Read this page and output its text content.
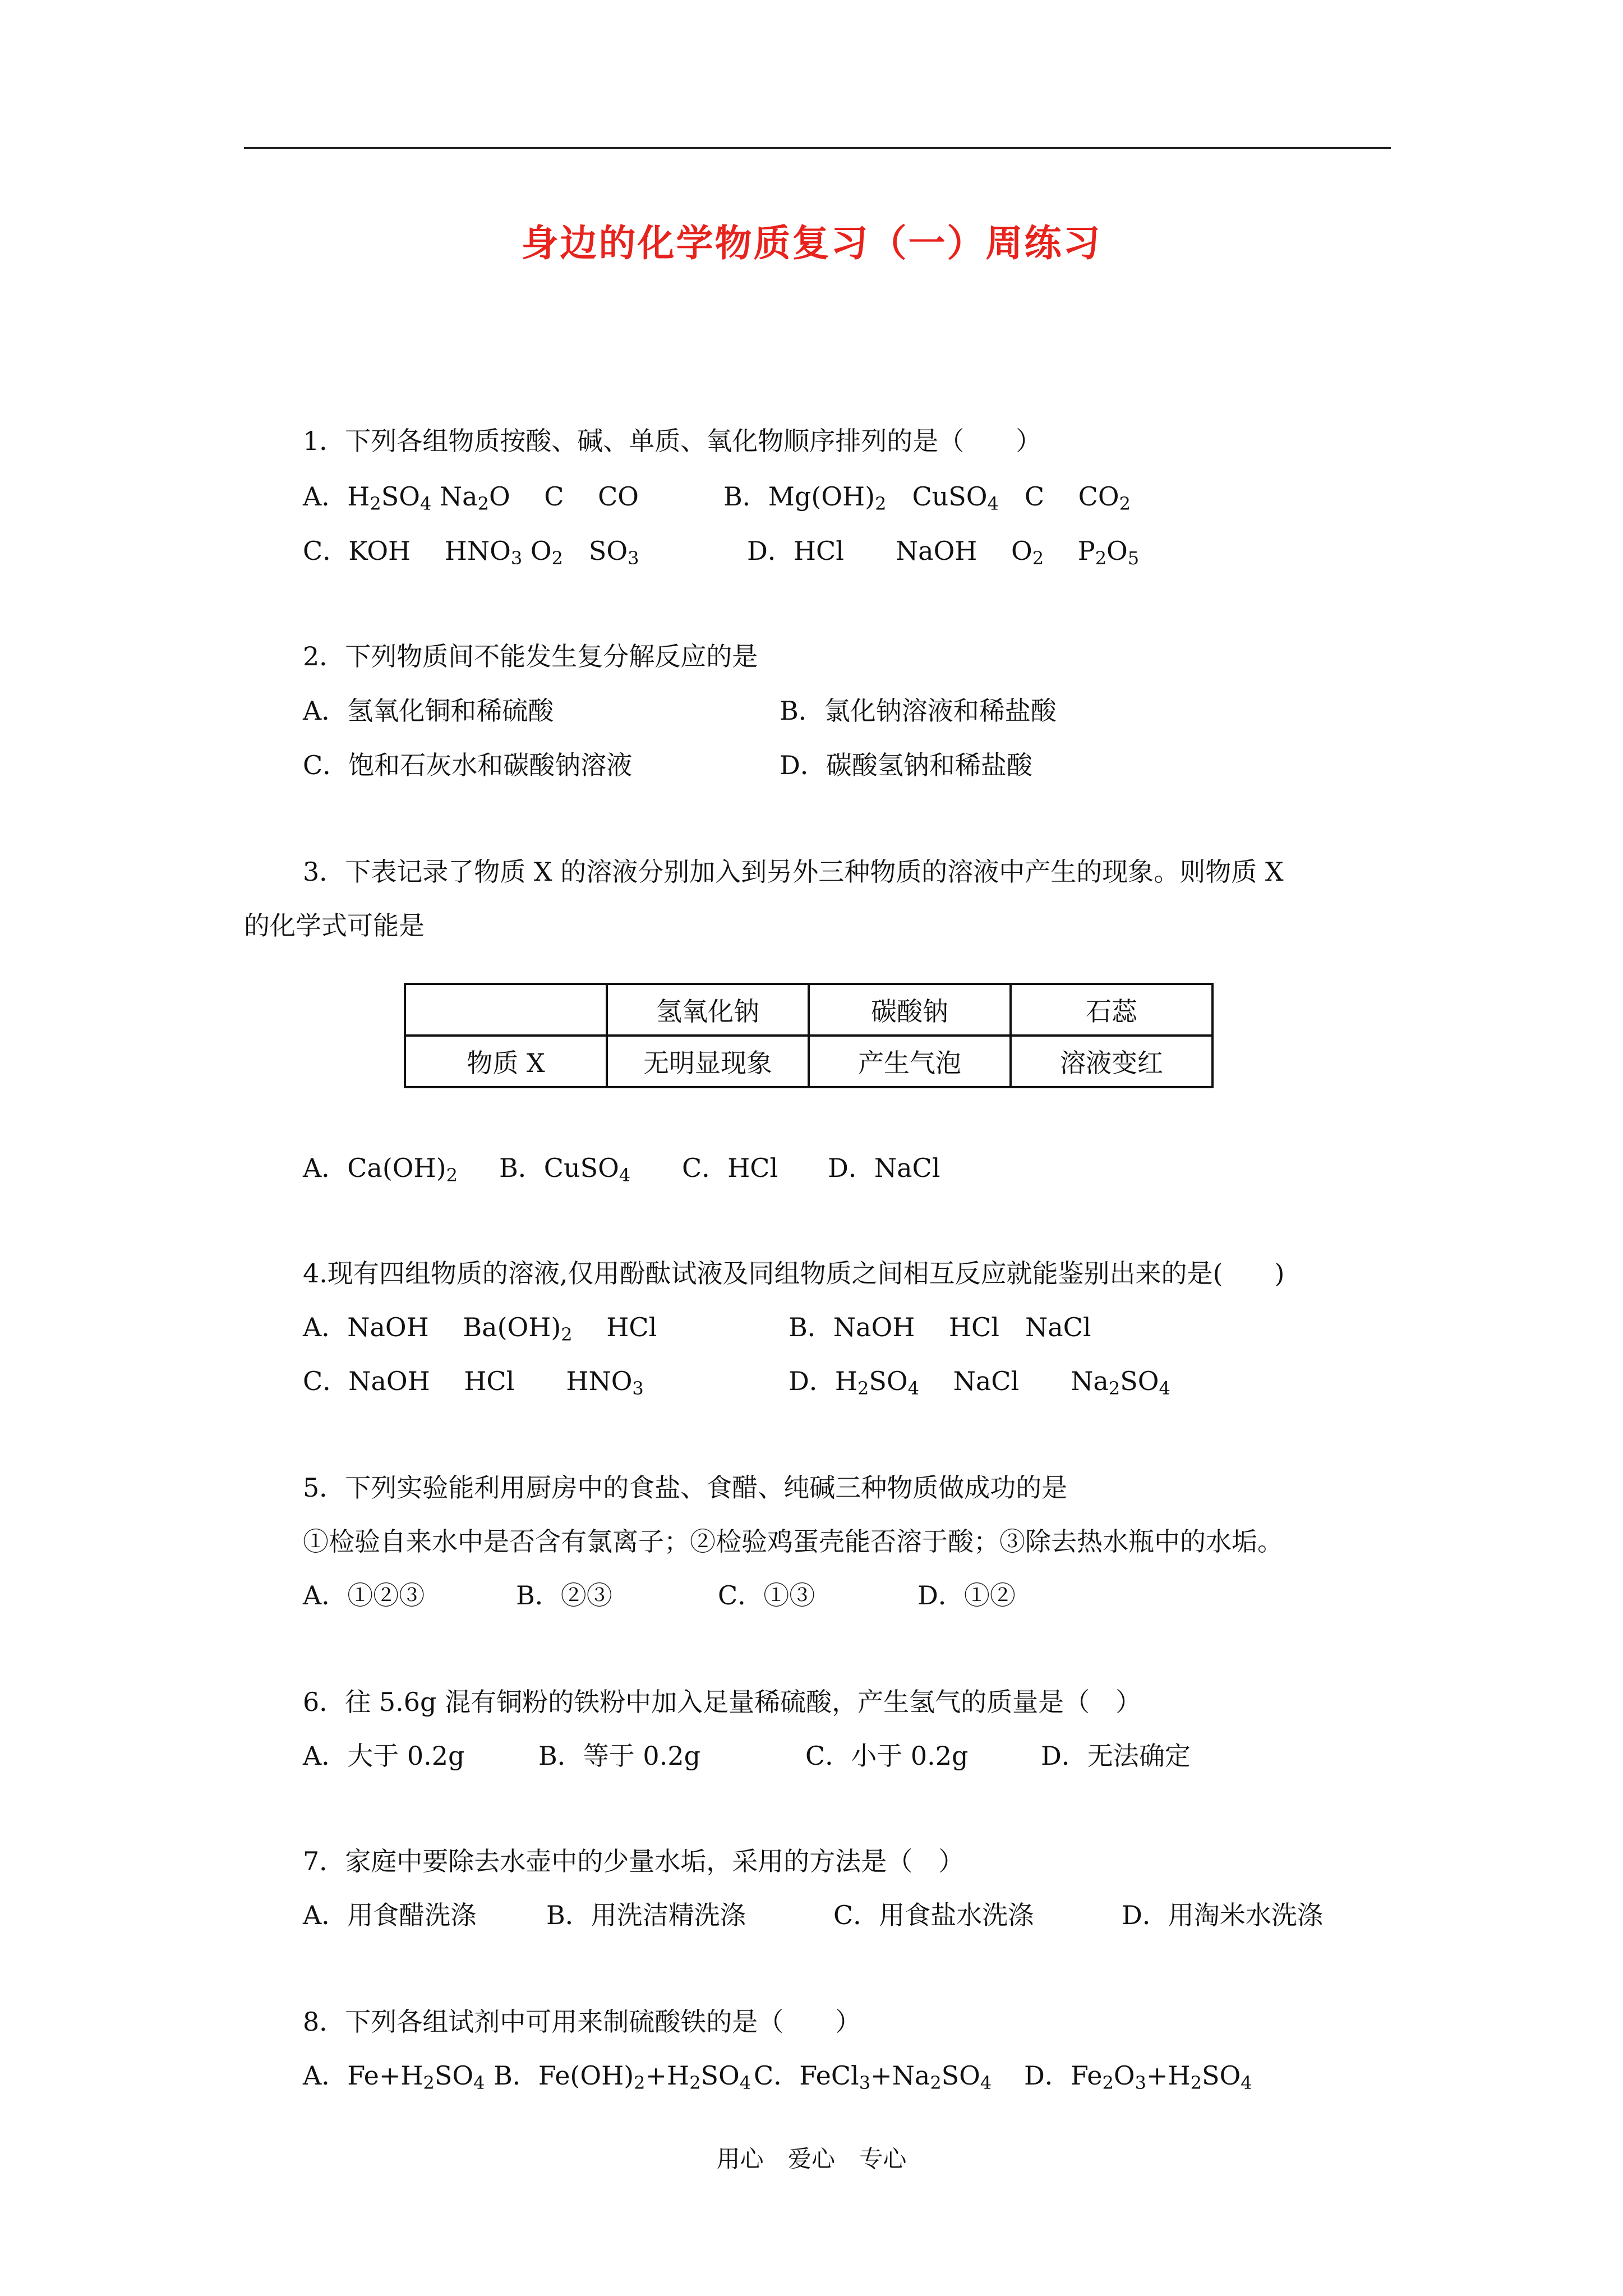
身边的化学物质复习（一）周练习
1．下列各组物质按酸、碱、单质、氧化物顺序排列的是（　　）
A．$H_2SO_4$ $Na_2O$　 C　 CO	B．$Mg(OH)_2$　CuSO$_4$　C　 $CO_2$
C．KOH　 $HNO_3$ $O_2$　$SO_3$	D．HCl　　NaOH　 $O_2$　 $P_2O_5$
2．下列物质间不能发生复分解反应的是
A．氢氧化铜和稀硫酸	B．氯化钠溶液和稀盐酸
C．饱和石灰水和碳酸钠溶液	D．碳酸氢钠和稀盐酸
3．下表记录了物质 X 的溶液分别加入到另外三种物质的溶液中产生的现象。则物质 X
的化学式可能是
	氢氧化钠	碳酸钠	石蕊
物质 X	无明显现象	产生气泡	溶液变红
A．$Ca(OH)_2$ B．CuSO$_4$ C．HCl D．NaCl
4.现有四组物质的溶液,仅用酚酞试液及同组物质之间相互反应就能鉴别出来的是(　　)
A．NaOH　 $Ba(OH)_2$　 HCl	B．NaOH　 HCl　NaCl
C．NaOH　 HCl　　$HNO_3$	D．$H_2SO_4$　 NaCl　　$Na_2SO_4$
5．下列实验能利用厨房中的食盐、食醋、纯碱三种物质做成功的是
①检验自来水中是否含有氯离子；②检验鸡蛋壳能否溶于酸；③除去热水瓶中的水垢。
A．①②③	B．②③	C．①③	D．①②
6．往 5.6g 混有铜粉的铁粉中加入足量稀硫酸，产生氢气的质量是（　）
A．大于 0.2g	B．等于 0.2g	C．小于 0.2g	D．无法确定
7．家庭中要除去水壶中的少量水垢，采用的方法是（　）
A．用食醋洗涤	B．用洗洁精洗涤	C．用食盐水洗涤	D．用淘米水洗涤
8．下列各组试剂中可用来制硫酸铁的是（　　）
A．$Fe+H_2SO_4$ B．$Fe(OH)_2+H_2SO_4$ C．$FeCl_3+Na_2SO_4$ D．$Fe_2O_3+H_2SO_4$
用心 爱心 专心
